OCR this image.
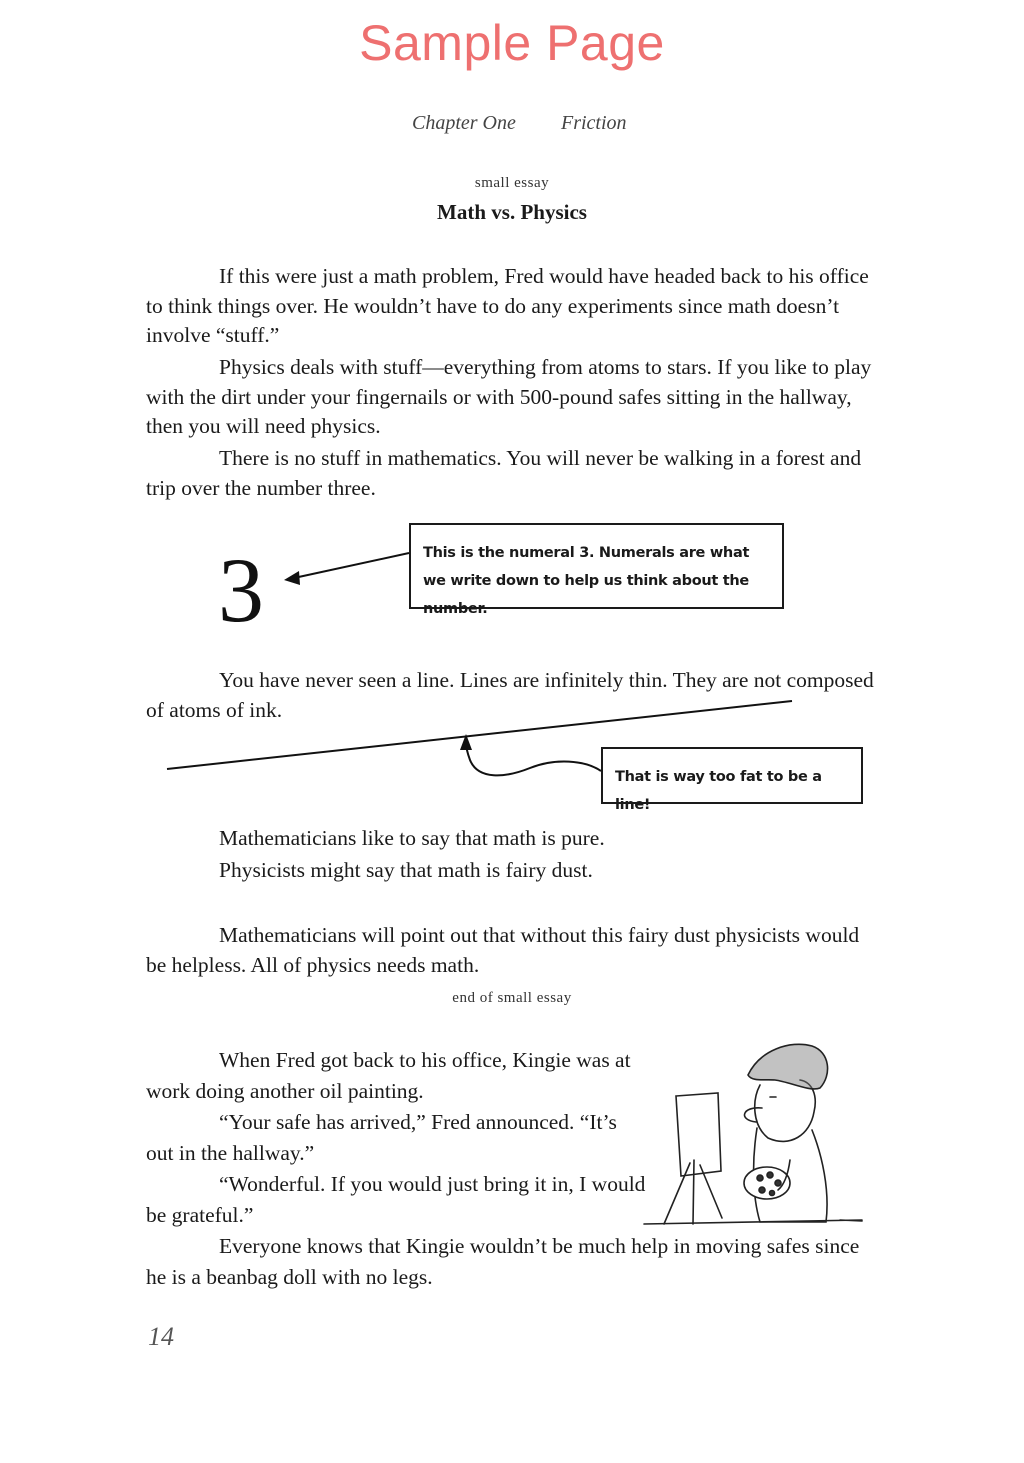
Sample Page
Chapter One Friction
small essay
Math vs. Physics

If this were just a math problem, Fred would have headed back to his office to think things over. He wouldn’t have to do any experiments since math doesn’t involve “stuff.”

Physics deals with stuff—everything from atoms to stars. If you like to play with the dirt under your fingernails or with 500-pound safes sitting in the hallway, then you will need physics.

There is no stuff in mathematics. You will never be walking in a forest and trip over the number three.

3	This is the numeral 3. Numerals are what we write down to help us think about the number.

You have never seen a line. Lines are infinitely thin. They are not composed of atoms of ink.

That is way too fat to be a line!

Mathematicians like to say that math is pure.

Physicists might say that math is fairy dust.

Mathematicians will point out that without this fairy dust physicists would be helpless. All of physics needs math.

end of small essay

When Fred got back to his office, Kingie was at work doing another oil painting.

“Your safe has arrived,” Fred announced. “It’s out in the hallway.”

“Wonderful. If you would just bring it in, I would be grateful.”

Everyone knows that Kingie wouldn’t be much help in moving safes since he is a beanbag doll with no legs.

14
